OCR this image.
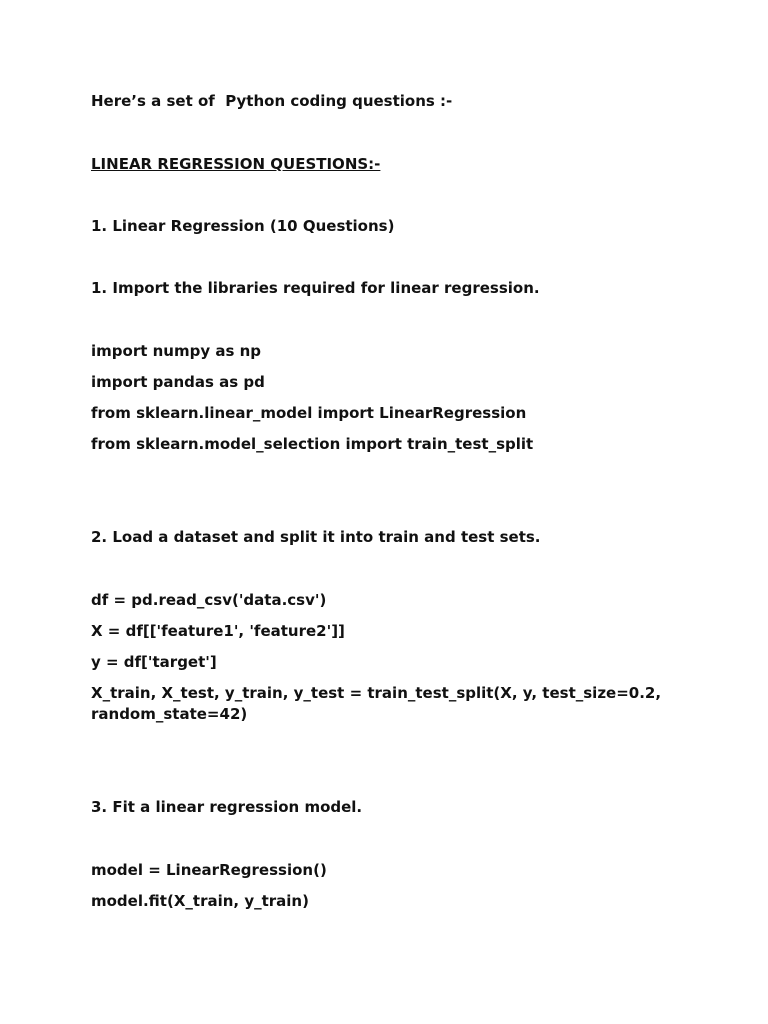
Here’s a set of  Python coding questions :-
LINEAR REGRESSION QUESTIONS:-
1. Linear Regression (10 Questions)
1. Import the libraries required for linear regression.
import numpy as np
import pandas as pd
from sklearn.linear_model import LinearRegression
from sklearn.model_selection import train_test_split
2. Load a dataset and split it into train and test sets.
df = pd.read_csv('data.csv')
X = df[['feature1', 'feature2']]
y = df['target']
X_train, X_test, y_train, y_test = train_test_split(X, y, test_size=0.2, random_state=42)
3. Fit a linear regression model.
model = LinearRegression()
model.fit(X_train, y_train)
